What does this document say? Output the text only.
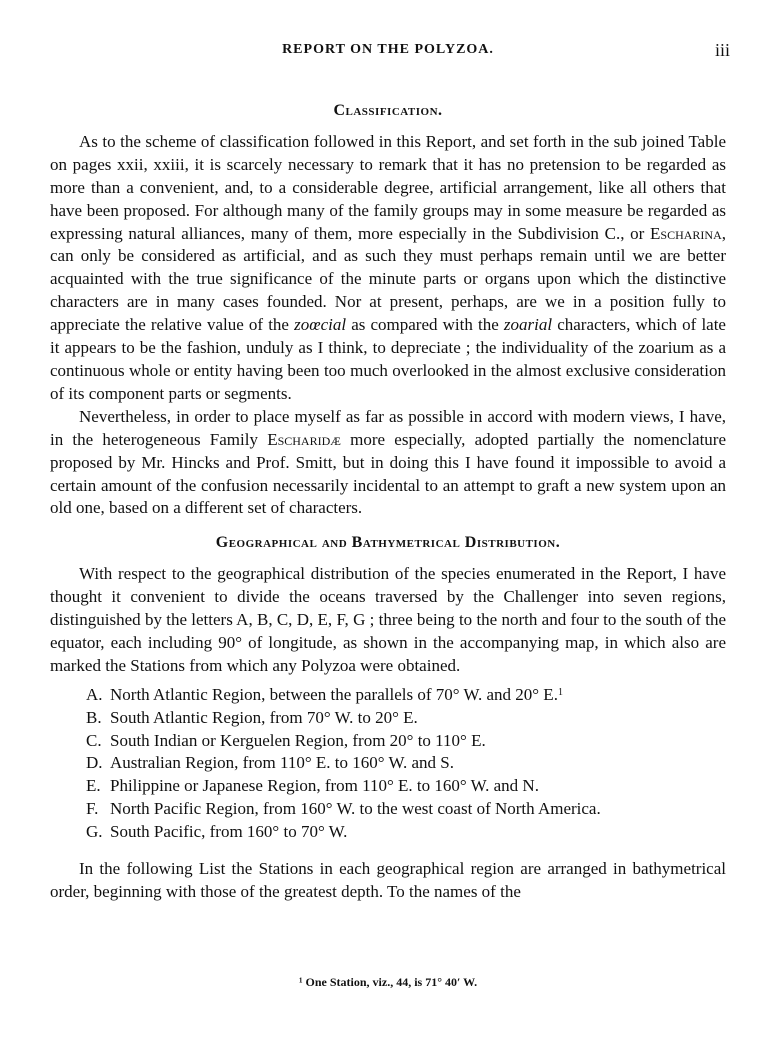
REPORT ON THE POLYZOA.	iii
Classification.

As to the scheme of classification followed in this Report, and set forth in the sub joined Table on pages xxii, xxiii, it is scarcely necessary to remark that it has no pretension to be regarded as more than a convenient, and, to a considerable degree, artificial arrangement, like all others that have been proposed. For although many of the family groups may in some measure be regarded as expressing natural alliances, many of them, more especially in the Subdivision C., or Escharina, can only be considered as artificial, and as such they must perhaps remain until we are better acquainted with the true significance of the minute parts or organs upon which the distinctive characters are in many cases founded. Nor at present, perhaps, are we in a position fully to appreciate the relative value of the zoœcial as compared with the zoarial characters, which of late it appears to be the fashion, unduly as I think, to depreciate ; the individuality of the zoarium as a continuous whole or entity having been too much overlooked in the almost exclusive consideration of its component parts or segments.

Nevertheless, in order to place myself as far as possible in accord with modern views, I have, in the heterogeneous Family Escharidæ more especially, adopted partially the nomenclature proposed by Mr. Hincks and Prof. Smitt, but in doing this I have found it impossible to avoid a certain amount of the confusion necessarily incidental to an attempt to graft a new system upon an old one, based on a different set of characters.

Geographical and Bathymetrical Distribution.

With respect to the geographical distribution of the species enumerated in the Report, I have thought it convenient to divide the oceans traversed by the Challenger into seven regions, distinguished by the letters A, B, C, D, E, F, G ; three being to the north and four to the south of the equator, each including 90° of longitude, as shown in the accompanying map, in which also are marked the Stations from which any Polyzoa were obtained.

A. North Atlantic Region, between the parallels of 70° W. and 20° E.$^1$
B. South Atlantic Region, from 70° W. to 20° E.
C. South Indian or Kerguelen Region, from 20° to 110° E.
D. Australian Region, from 110° E. to 160° W. and S.
E. Philippine or Japanese Region, from 110° E. to 160° W. and N.
F. North Pacific Region, from 160° W. to the west coast of North America.
G. South Pacific, from 160° to 70° W.

In the following List the Stations in each geographical region are arranged in bathymetrical order, beginning with those of the greatest depth. To the names of the

¹ One Station, viz., 44, is 71° 40′ W.
